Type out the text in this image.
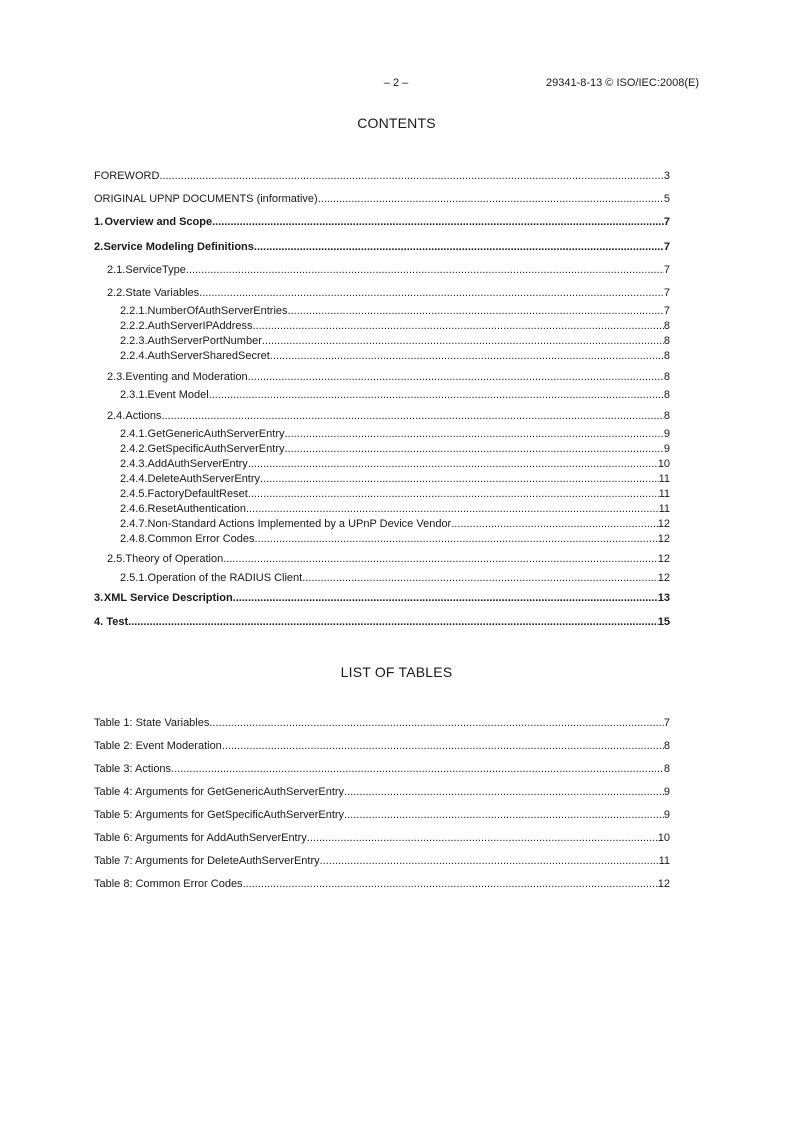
– 2 –	29341-8-13 © ISO/IEC:2008(E)
CONTENTS
FOREWORD .....	3
ORIGINAL UPNP DOCUMENTS (informative) .....	5
1. Overview and Scope .....	7
2. Service Modeling Definitions .....	7
2.1. ServiceType .....	7
2.2. State Variables .....	7
2.2.1. NumberOfAuthServerEntries .....	7
2.2.2. AuthServerIPAddress .....	8
2.2.3. AuthServerPortNumber .....	8
2.2.4. AuthServerSharedSecret .....	8
2.3. Eventing and Moderation .....	8
2.3.1. Event Model .....	8
2.4. Actions .....	8
2.4.1. GetGenericAuthServerEntry .....	9
2.4.2. GetSpecificAuthServerEntry .....	9
2.4.3. AddAuthServerEntry .....	10
2.4.4. DeleteAuthServerEntry .....	11
2.4.5. FactoryDefaultReset .....	11
2.4.6. ResetAuthentication .....	11
2.4.7. Non-Standard Actions Implemented by a UPnP Device Vendor .....	12
2.4.8. Common Error Codes .....	12
2.5. Theory of Operation .....	12
2.5.1. Operation of the RADIUS Client .....	12
3. XML Service Description .....	13
4. Test .....	15
LIST OF TABLES
Table 1: State Variables .....	7
Table 2: Event Moderation .....	8
Table 3: Actions .....	8
Table 4: Arguments for GetGenericAuthServerEntry .....	9
Table 5: Arguments for GetSpecificAuthServerEntry .....	9
Table 6: Arguments for AddAuthServerEntry .....	10
Table 7: Arguments for DeleteAuthServerEntry .....	11
Table 8: Common Error Codes .....	12
